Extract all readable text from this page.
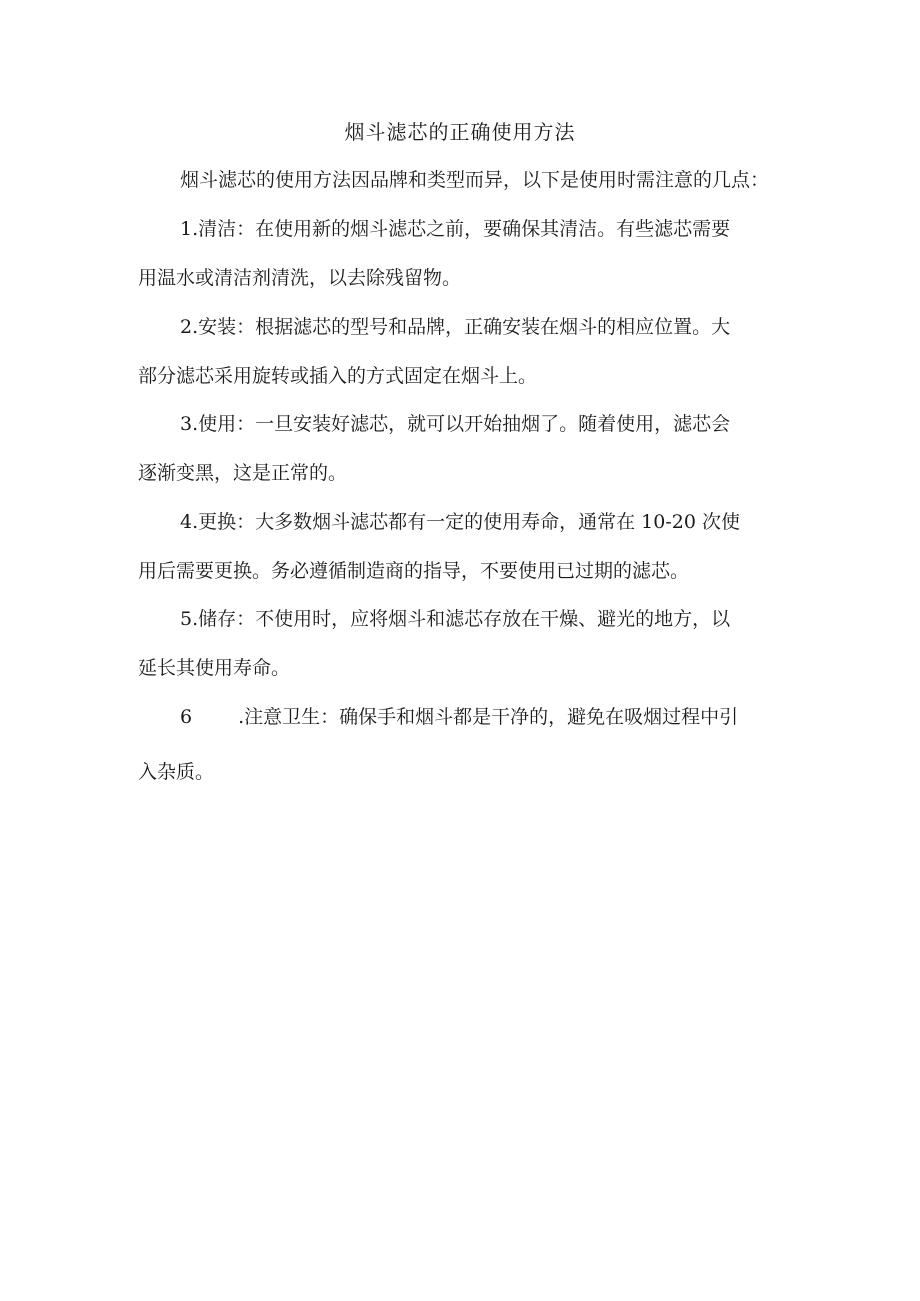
烟斗滤芯的正确使用方法
烟斗滤芯的使用方法因品牌和类型而异，以下是使用时需注意的几点：
1.清洁：在使用新的烟斗滤芯之前，要确保其清洁。有些滤芯需要
用温水或清洁剂清洗，以去除残留物。
2.安装：根据滤芯的型号和品牌，正确安装在烟斗的相应位置。大
部分滤芯采用旋转或插入的方式固定在烟斗上。
3.使用：一旦安装好滤芯，就可以开始抽烟了。随着使用，滤芯会
逐渐变黑，这是正常的。
4.更换：大多数烟斗滤芯都有一定的使用寿命，通常在 10-20 次使
用后需要更换。务必遵循制造商的指导，不要使用已过期的滤芯。
5.储存：不使用时，应将烟斗和滤芯存放在干燥、避光的地方，以
延长其使用寿命。
6 .注意卫生：确保手和烟斗都是干净的，避免在吸烟过程中引
入杂质。
